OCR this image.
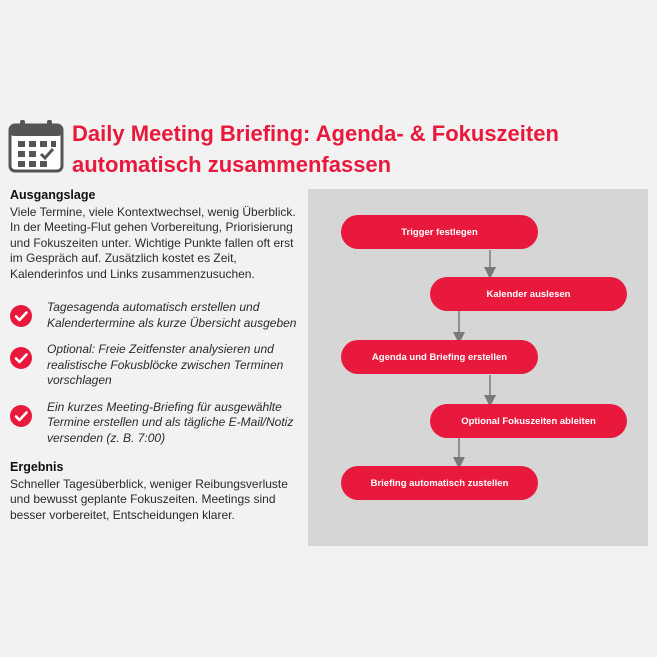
Daily Meeting Briefing: Agenda- & Fokuszeiten automatisch zusammenfassen
Ausgangslage

Viele Termine, viele Kontextwechsel, wenig Überblick. In der Meeting-Flut gehen Vorbereitung, Priorisierung und Fokuszeiten unter. Wichtige Punkte fallen oft erst im Gespräch auf. Zusätzlich kostet es Zeit, Kalenderinfos und Links zusammenzusuchen.

Tagesagenda automatisch erstellen und Kalendertermine als kurze Übersicht ausgeben
Optional: Freie Zeitfenster analysieren und realistische Fokusblöcke zwischen Terminen vorschlagen
Ein kurzes Meeting-Briefing für ausgewählte Termine erstellen und als tägliche E-Mail/Notiz versenden (z. B. 7:00)
Ergebnis

Schneller Tagesüberblick, weniger Reibungsverluste und bewusst geplante Fokuszeiten. Meetings sind besser vorbereitet, Entscheidungen klarer.

Trigger festlegen
Kalender auslesen
Agenda und Briefing erstellen
Optional Fokuszeiten ableiten
Briefing automatisch zustellen
